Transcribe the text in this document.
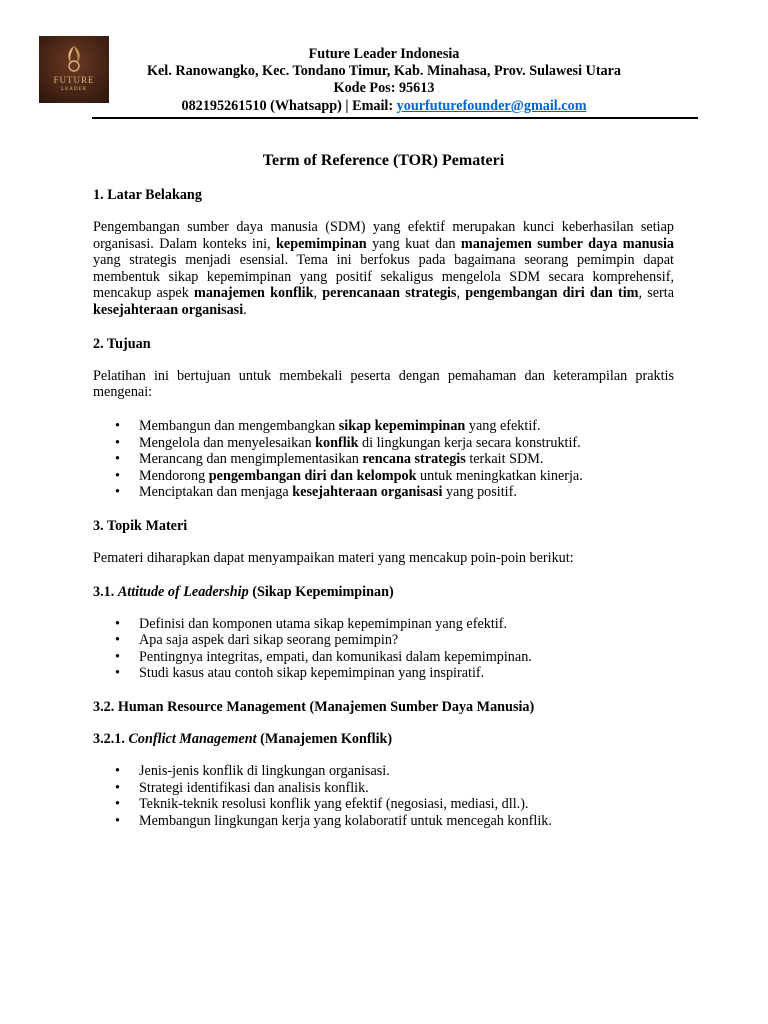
FUTURE
LEADER
Future Leader Indonesia
Kel. Ranowangko, Kec. Tondano Timur, Kab. Minahasa, Prov. Sulawesi Utara
Kode Pos: 95613
082195261510 (Whatsapp) | Email: yourfuturefounder@gmail.com
Term of Reference (TOR) Pemateri
1. Latar Belakang
Pengembangan sumber daya manusia (SDM) yang efektif merupakan kunci keberhasilan setiap organisasi. Dalam konteks ini, kepemimpinan yang kuat dan manajemen sumber daya manusia yang strategis menjadi esensial. Tema ini berfokus pada bagaimana seorang pemimpin dapat membentuk sikap kepemimpinan yang positif sekaligus mengelola SDM secara komprehensif, mencakup aspek manajemen konflik, perencanaan strategis, pengembangan diri dan tim, serta kesejahteraan organisasi.
2. Tujuan
Pelatihan ini bertujuan untuk membekali peserta dengan pemahaman dan keterampilan praktis mengenai:
• Membangun dan mengembangkan sikap kepemimpinan yang efektif.
• Mengelola dan menyelesaikan konflik di lingkungan kerja secara konstruktif.
• Merancang dan mengimplementasikan rencana strategis terkait SDM.
• Mendorong pengembangan diri dan kelompok untuk meningkatkan kinerja.
• Menciptakan dan menjaga kesejahteraan organisasi yang positif.
3. Topik Materi
Pemateri diharapkan dapat menyampaikan materi yang mencakup poin-poin berikut:
3.1. Attitude of Leadership (Sikap Kepemimpinan)
• Definisi dan komponen utama sikap kepemimpinan yang efektif.
• Apa saja aspek dari sikap seorang pemimpin?
• Pentingnya integritas, empati, dan komunikasi dalam kepemimpinan.
• Studi kasus atau contoh sikap kepemimpinan yang inspiratif.
3.2. Human Resource Management (Manajemen Sumber Daya Manusia)
3.2.1. Conflict Management (Manajemen Konflik)
• Jenis-jenis konflik di lingkungan organisasi.
• Strategi identifikasi dan analisis konflik.
• Teknik-teknik resolusi konflik yang efektif (negosiasi, mediasi, dll.).
• Membangun lingkungan kerja yang kolaboratif untuk mencegah konflik.
